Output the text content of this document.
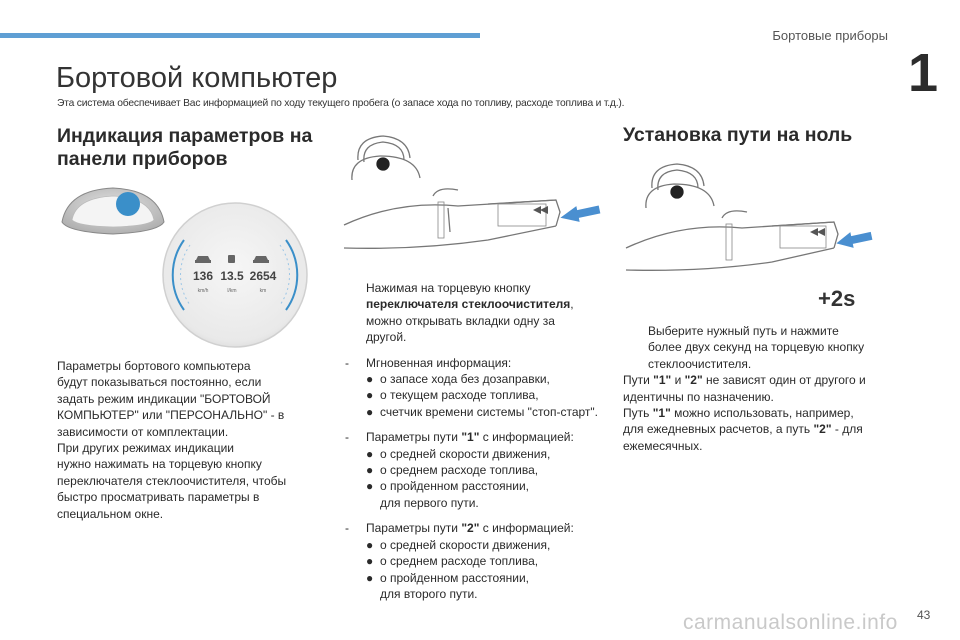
Бортовые приборы
1
Бортовой компьютер
Эта система обеспечивает Вас информацией по ходу текущего пробега (о запасе хода по топливу, расходе топлива и т.д.).
Индикация параметров на
панели приборов
136 13.5 2654
km/h	l/km	km
Параметры бортового компьютера
будут показываться постоянно, если
задать режим индикации "БОРТОВОЙ
КОМПЬЮТЕР" или "ПЕРСОНАЛЬНО" - в
зависимости от комплектации.
При других режимах индикации
нужно нажимать на торцевую кнопку
переключателя стеклоочистителя, чтобы
быстро просматривать параметры в
специальном окне.
Нажимая на торцевую кнопку
переключателя стеклоочистителя,
можно открывать вкладки одну за
другой.
- Мгновенная информация:
● о запасе хода без дозаправки,
● о текущем расходе топлива,
● счетчик времени системы "стоп-старт".
- Параметры пути "1" с информацией:
● о средней скорости движения,
● о среднем расходе топлива,
● о пройденном расстоянии,
для первого пути.
- Параметры пути "2" с информацией:
● о средней скорости движения,
● о среднем расходе топлива,
● о пройденном расстоянии,
для второго пути.
Установка пути на ноль
+2s
Выберите нужный путь и нажмите
более двух секунд на торцевую кнопку
стеклоочистителя.
Пути "1" и "2" не зависят один от другого и
идентичны по назначению.
Путь "1" можно использовать, например,
для ежедневных расчетов, а путь "2" - для
ежемесячных.
carmanualsonline.info 43
